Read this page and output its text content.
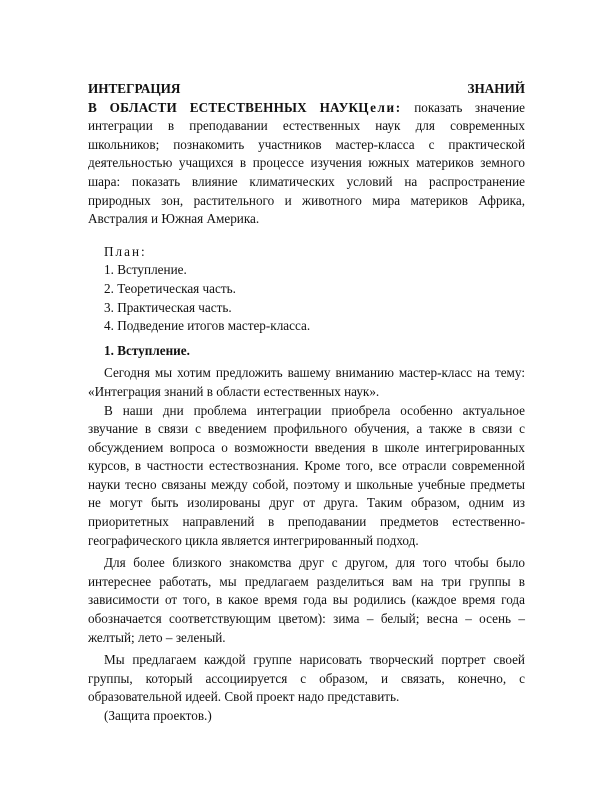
ИНТЕГРАЦИЯ	ЗНАНИЙ

В ОБЛАСТИ ЕСТЕСТВЕННЫХ НАУКЦели: показать значение интеграции в преподавании естественных наук для современных школьников; познакомить участников мастер-класса с практической деятельностью учащихся в процессе изучения южных материков земного шара: показать влияние климатических условий на распространение природных зон, растительного и животного мира материков Африка, Австралия и Южная Америка.

План:
1. Вступление.
2. Теоретическая часть.
3. Практическая часть.
4. Подведение итогов мастер-класса.
1. Вступление.

Сегодня мы хотим предложить вашему вниманию мастер-класс на тему: «Интеграция знаний в области естественных наук».

В наши дни проблема интеграции приобрела особенно актуальное звучание в связи с введением профильного обучения, а также в связи с обсуждением вопроса о возможности введения в школе интегрированных курсов, в частности естествознания. Кроме того, все отрасли современной науки тесно связаны между собой, поэтому и школьные учебные предметы не могут быть изолированы друг от друга. Таким образом, одним из приоритетных направлений в преподавании предметов естественно-географического цикла является интегрированный подход.

Для более близкого знакомства друг с другом, для того чтобы было интереснее работать, мы предлагаем разделиться вам на три группы в зависимости от того, в какое время года вы родились (каждое время года обозначается соответствующим цветом): зима – белый; весна – осень – желтый; лето – зеленый.

Мы предлагаем каждой группе нарисовать творческий портрет своей группы, который ассоциируется с образом, и связать, конечно, с образовательной идеей. Свой проект надо представить.

(Защита проектов.)
